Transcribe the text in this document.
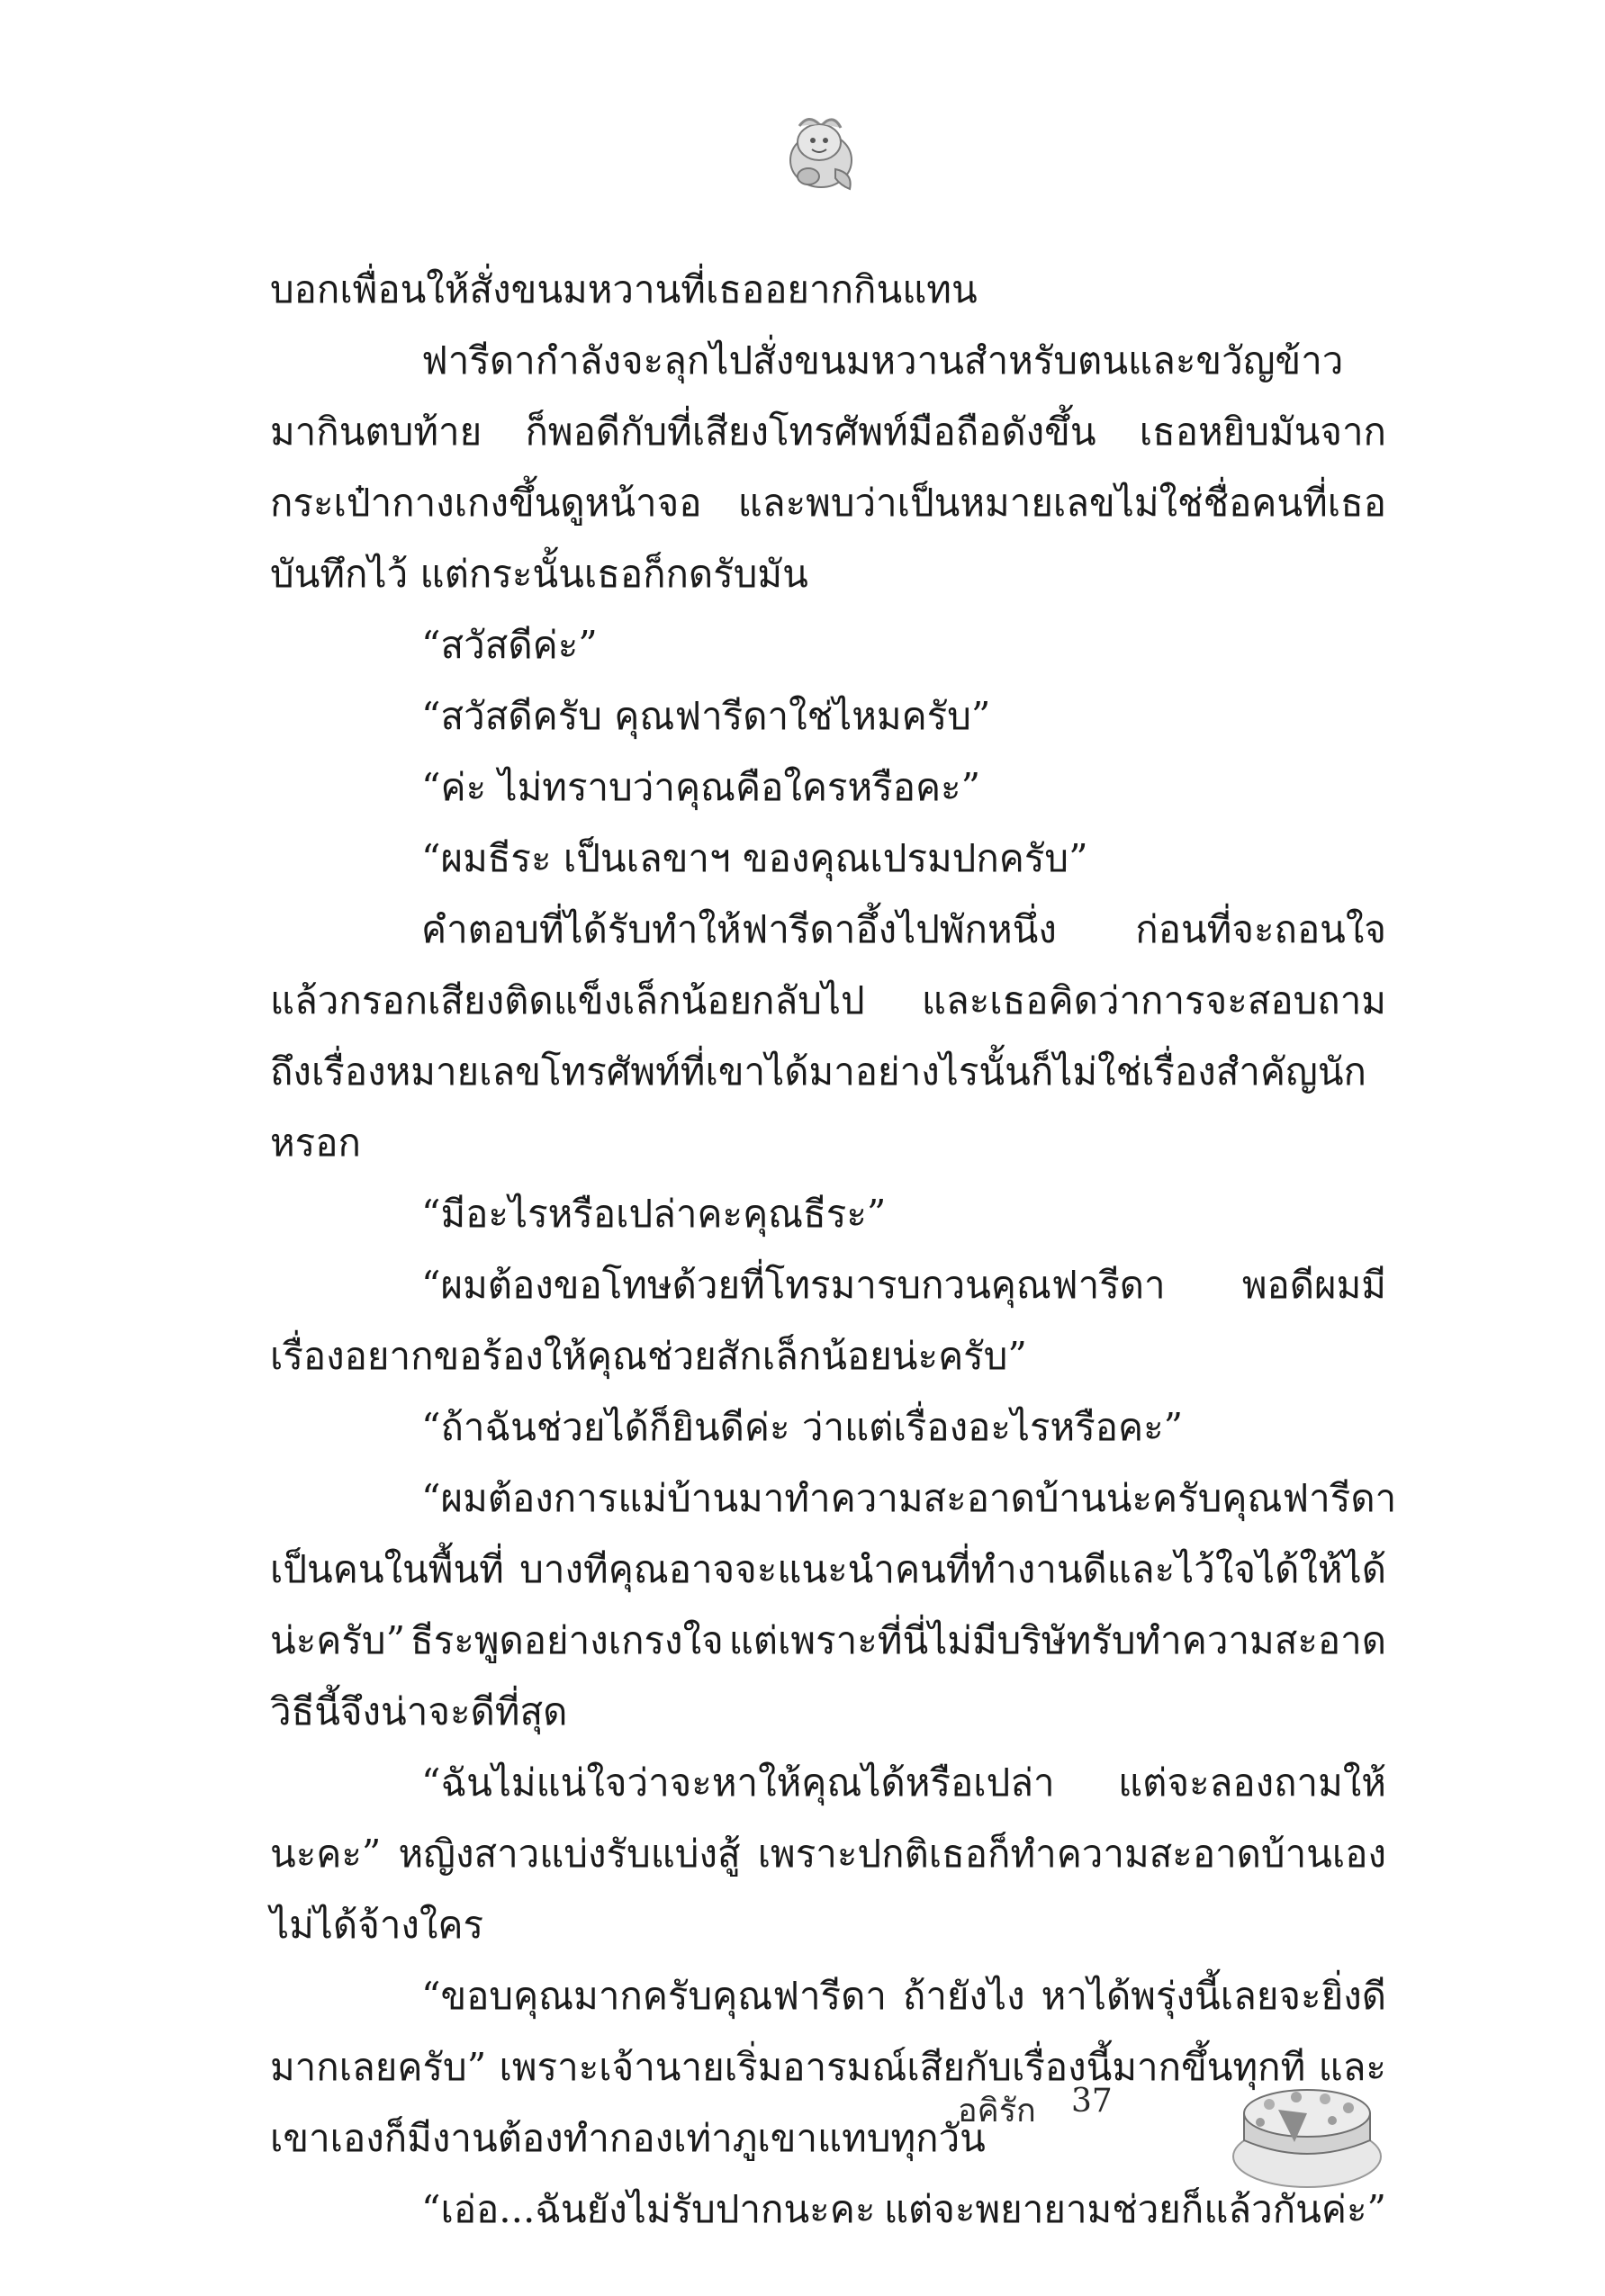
บอกเพื่อนให้สั่งขนมหวานที่เธออยากกินแทน
ฟารีดากำลังจะลุกไปสั่งขนมหวานสำหรับตนและขวัญข้าว
มากินตบท้าย ก็พอดีกับที่เสียงโทรศัพท์มือถือดังขึ้น เธอหยิบมันจาก
กระเป๋ากางเกงขึ้นดูหน้าจอ และพบว่าเป็นหมายเลขไม่ใช่ชื่อคนที่เธอ
บันทึกไว้ แต่กระนั้นเธอก็กดรับมัน
“สวัสดีค่ะ”
“สวัสดีครับ คุณฟารีดาใช่ไหมครับ”
“ค่ะ ไม่ทราบว่าคุณคือใครหรือคะ”
“ผมธีระ เป็นเลขาฯ ของคุณเปรมปกครับ”
คำตอบที่ได้รับทำให้ฟารีดาอึ้งไปพักหนึ่ง ก่อนที่จะถอนใจ
แล้วกรอกเสียงติดแข็งเล็กน้อยกลับไป และเธอคิดว่าการจะสอบถาม
ถึงเรื่องหมายเลขโทรศัพท์ที่เขาได้มาอย่างไรนั้นก็ไม่ใช่เรื่องสำคัญนัก
หรอก
“มีอะไรหรือเปล่าคะคุณธีระ”
“ผมต้องขอโทษด้วยที่โทรมารบกวนคุณฟารีดา พอดีผมมี
เรื่องอยากขอร้องให้คุณช่วยสักเล็กน้อยน่ะครับ”
“ถ้าฉันช่วยได้ก็ยินดีค่ะ ว่าแต่เรื่องอะไรหรือคะ”
“ผมต้องการแม่บ้านมาทำความสะอาดบ้านน่ะครับ คุณฟารีดา
เป็นคนในพื้นที่ บางทีคุณอาจจะแนะนำคนที่ทำงานดีและไว้ใจได้ให้ได้
น่ะครับ” ธีระพูดอย่างเกรงใจ แต่เพราะที่นี่ไม่มีบริษัทรับทำความสะอาด
วิธีนี้จึงน่าจะดีที่สุด
“ฉันไม่แน่ใจว่าจะหาให้คุณได้หรือเปล่า แต่จะลองถามให้
นะคะ” หญิงสาวแบ่งรับแบ่งสู้ เพราะปกติเธอก็ทำความสะอาดบ้านเอง
ไม่ได้จ้างใคร
“ขอบคุณมากครับคุณฟารีดา ถ้ายังไง หาได้พรุ่งนี้เลยจะยิ่งดี
มากเลยครับ” เพราะเจ้านายเริ่มอารมณ์เสียกับเรื่องนี้มากขึ้นทุกที และ
เขาเองก็มีงานต้องทำกองเท่าภูเขาแทบทุกวัน
“เอ่อ...ฉันยังไม่รับปากนะคะ แต่จะพยายามช่วยก็แล้วกันค่ะ”
อคิรัก 37
